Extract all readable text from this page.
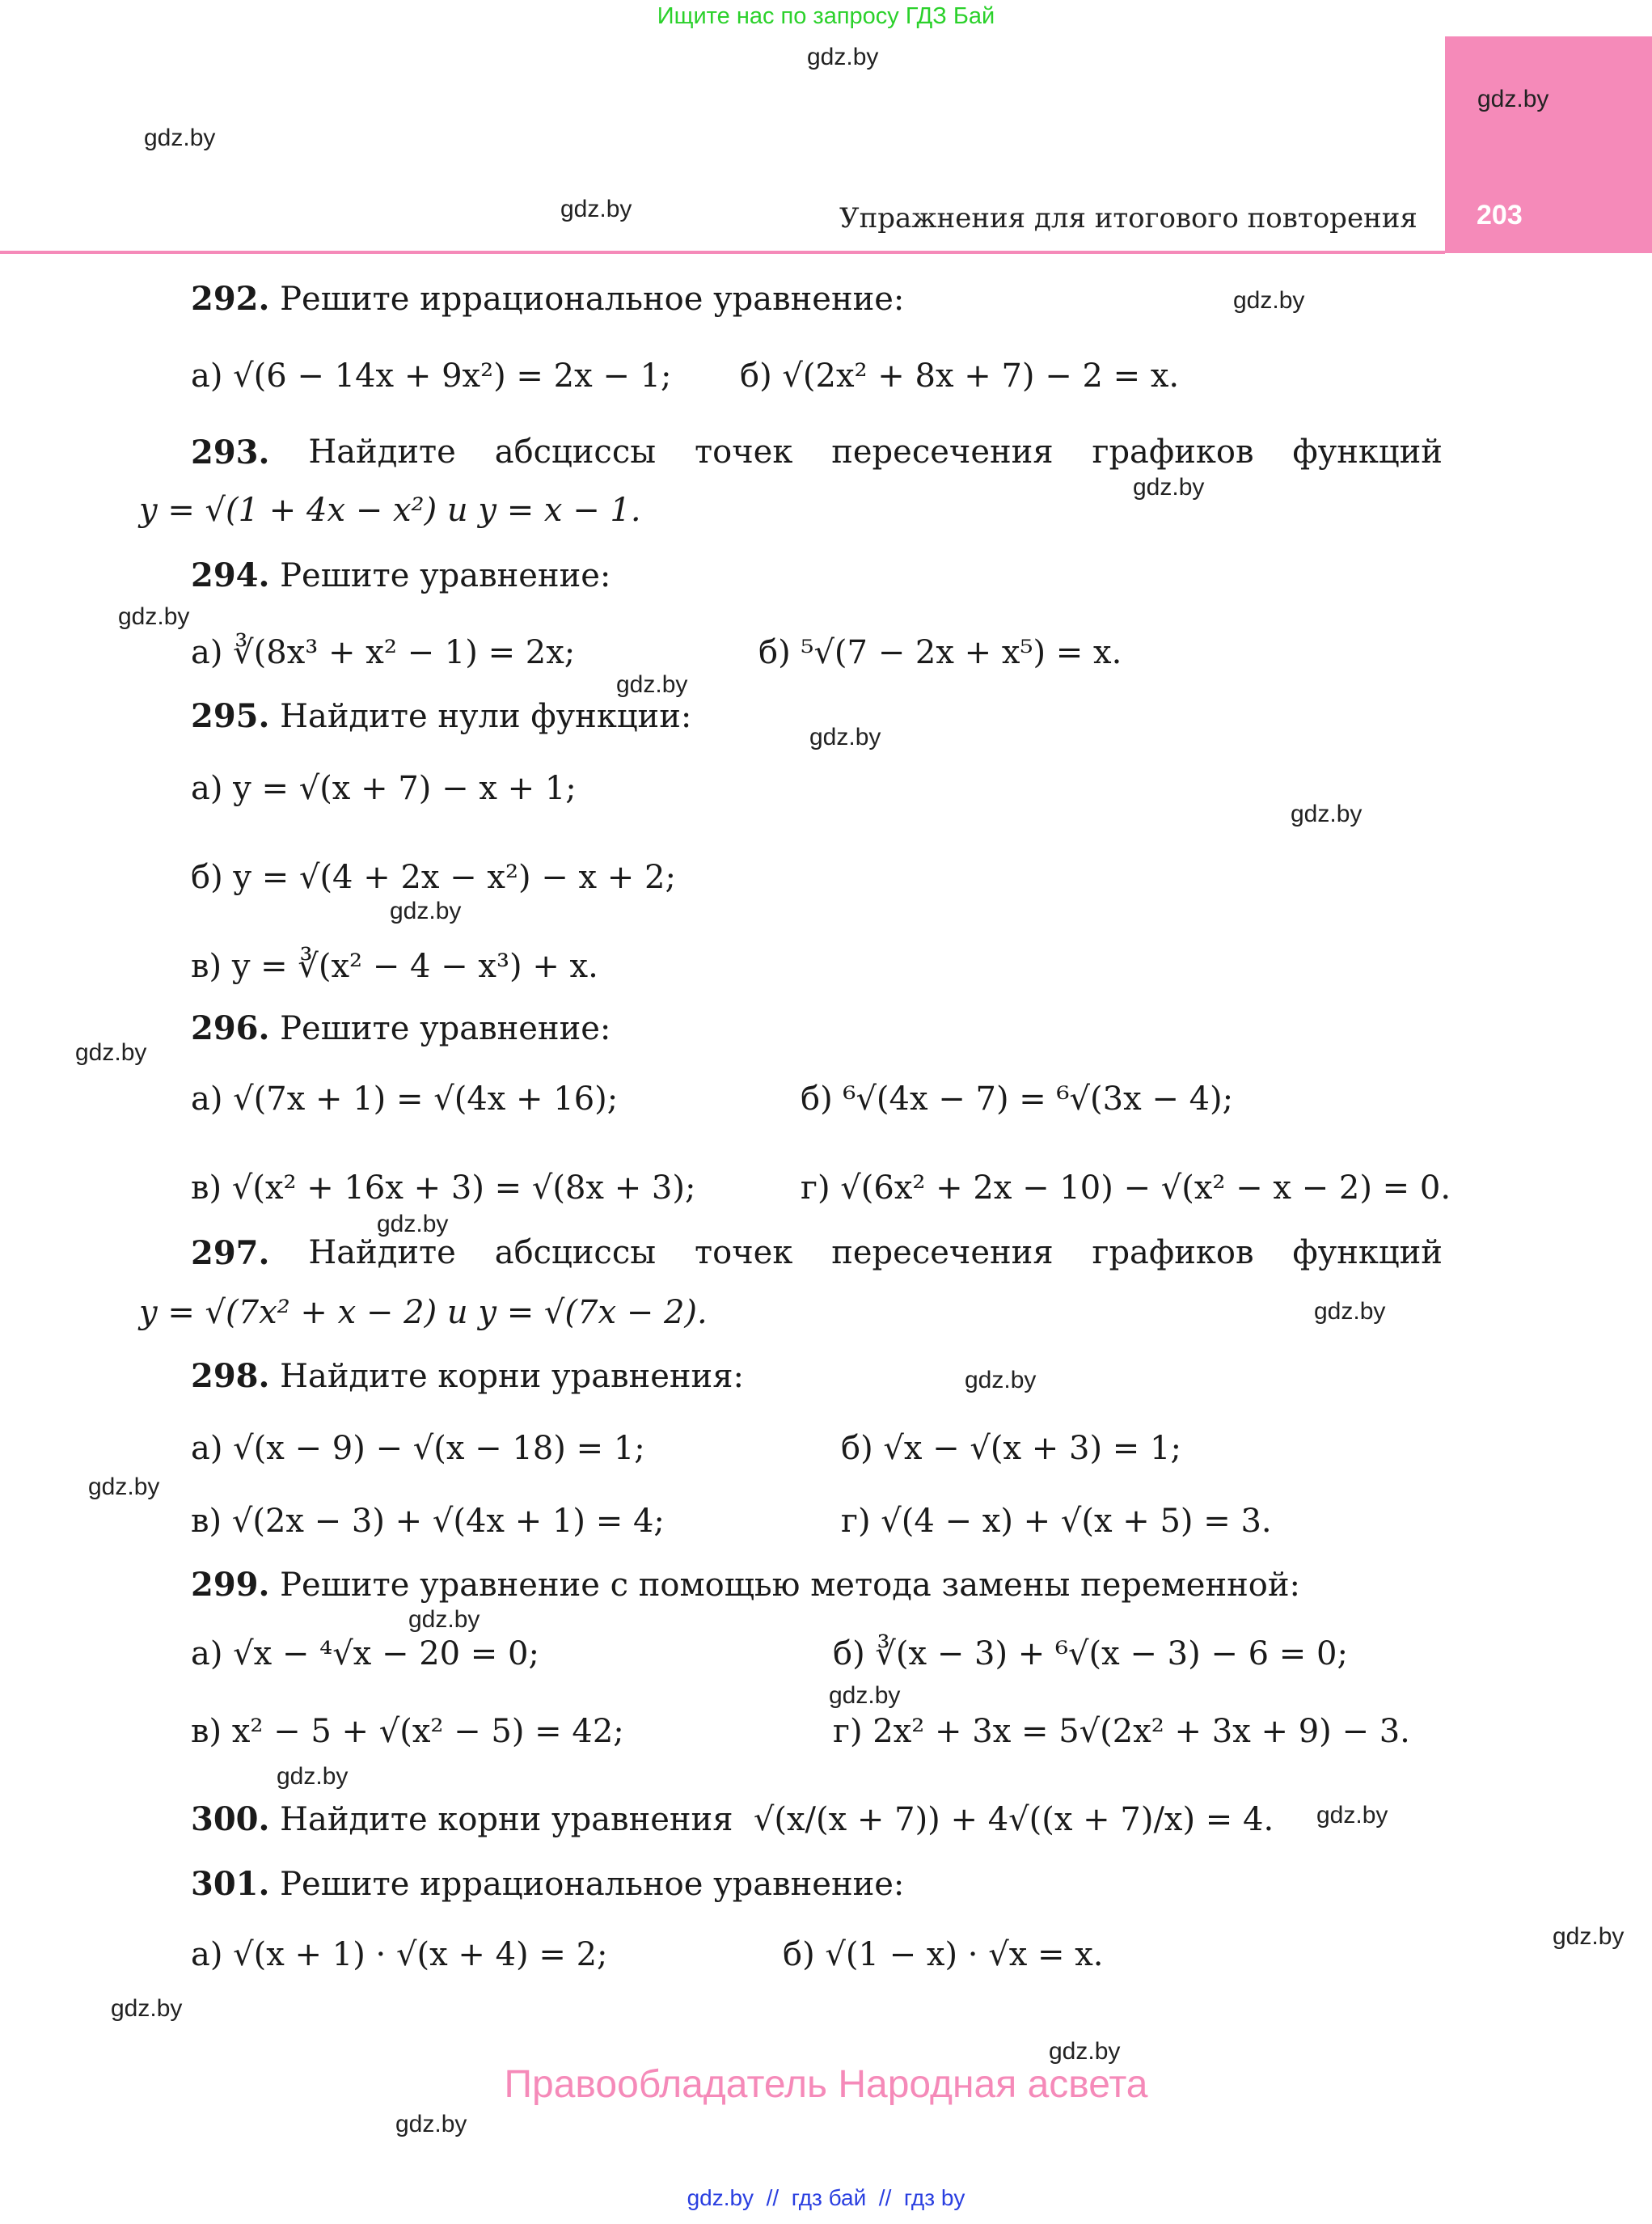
Ищите нас по запросу ГДЗ Бай
Упражнения для итогового повторения 203
gdz.by
gdz.by
gdz.by
gdz.by
gdz.by
gdz.by
gdz.by
gdz.by
gdz.by
gdz.by
gdz.by
gdz.by
gdz.by
gdz.by
gdz.by
gdz.by
gdz.by
gdz.by
gdz.by
gdz.by
gdz.by
gdz.by
gdz.by
gdz.by
292. Решите иррациональное уравнение:
а) √(6 − 14x + 9x²) = 2x − 1; б) √(2x² + 8x + 7) − 2 = x.
293. Найдите абсциссы точек пересечения графиков функций
y = √(1 + 4x − x²) и y = x − 1.
294. Решите уравнение:
а) ∛(8x³ + x² − 1) = 2x;	б) ⁵√(7 − 2x + x⁵) = x.
295. Найдите нули функции:
а) y = √(x + 7) − x + 1;
б) y = √(4 + 2x − x²) − x + 2;
в) y = ∛(x² − 4 − x³) + x.
296. Решите уравнение:
а) √(7x + 1) = √(4x + 16);	б) ⁶√(4x − 7) = ⁶√(3x − 4);
в) √(x² + 16x + 3) = √(8x + 3);	г) √(6x² + 2x − 10) − √(x² − x − 2) = 0.
297. Найдите абсциссы точек пересечения графиков функций
y = √(7x² + x − 2) и y = √(7x − 2).
298. Найдите корни уравнения:
а) √(x − 9) − √(x − 18) = 1;	б) √x − √(x + 3) = 1;
в) √(2x − 3) + √(4x + 1) = 4;	г) √(4 − x) + √(x + 5) = 3.
299. Решите уравнение с помощью метода замены переменной:
а) √x − ⁴√x − 20 = 0;	б) ∛(x − 3) + ⁶√(x − 3) − 6 = 0;
в) x² − 5 + √(x² − 5) = 42;	г) 2x² + 3x = 5√(2x² + 3x + 9) − 3.
300. Найдите корни уравнения √(x/(x + 7)) + 4√((x + 7)/x) = 4.
301. Решите иррациональное уравнение:
а) √(x + 1) · √(x + 4) = 2;	б) √(1 − x) · √x = x.
Правообладатель Народная асвета
gdz.by  //  гдз бай  //  гдз by
